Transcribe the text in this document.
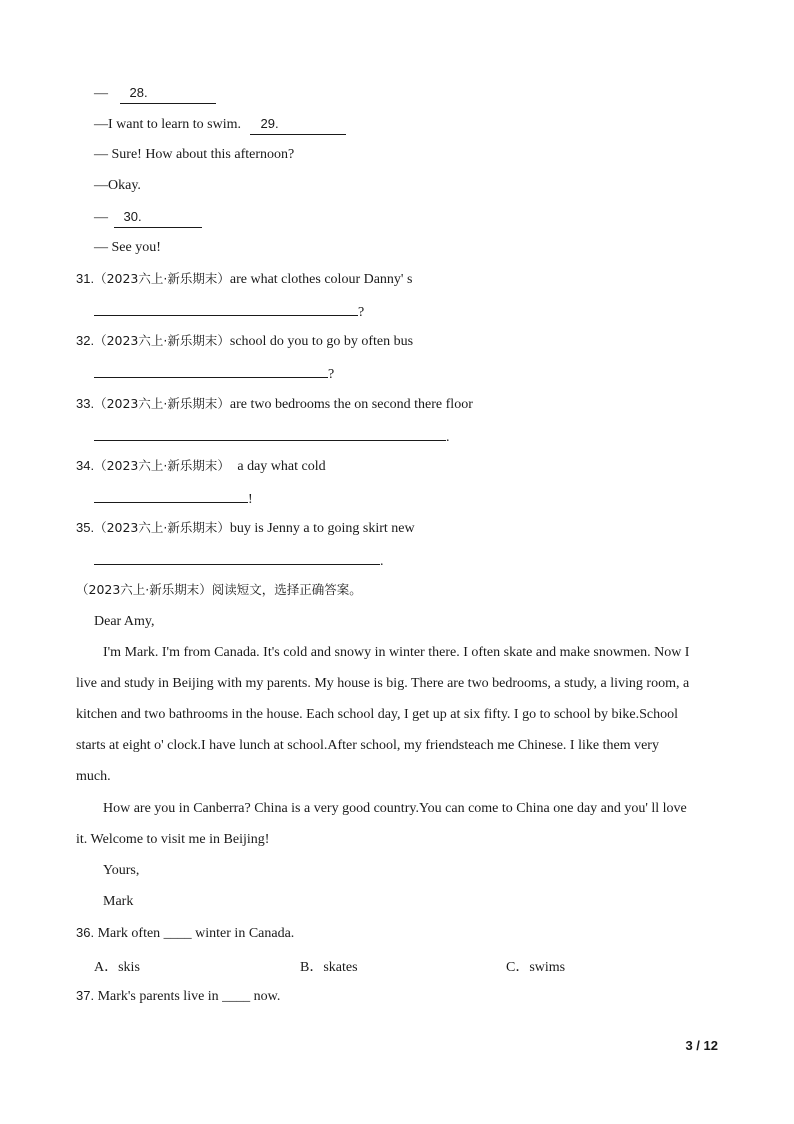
— 28.
—I want to learn to swim. 29.
— Sure! How about this afternoon?
—Okay.
— 30.
— See you!
31.（2023六上·新乐期末）are what clothes colour Danny' s
?
32.（2023六上·新乐期末）school do you to go by often bus
?
33.（2023六上·新乐期末）are two bedrooms the on second there floor
.
34.（2023六上·新乐期末） a day what cold
!
35.（2023六上·新乐期末）buy is Jenny a to going skirt new
.
（2023六上·新乐期末）阅读短文，选择正确答案。
Dear Amy,
I'm Mark. I'm from Canada. It's cold and snowy in winter there. I often skate and make snowmen. Now I
live and study in Beijing with my parents. My house is big. There are two bedrooms, a study, a living room, a
kitchen and two bathrooms in the house. Each school day, I get up at six fifty. I go to school by bike.School
starts at eight o' clock.I have lunch at school.After school, my friendsteach me Chinese. I like them very
much.
How are you in Canberra? China is a very good country.You can come to China one day and you' ll love
it. Welcome to visit me in Beijing!
Yours,
Mark
36. Mark often ____ winter in Canada.
A．skis	B．skates	C．swims
37. Mark's parents live in ____ now.
3 / 12
